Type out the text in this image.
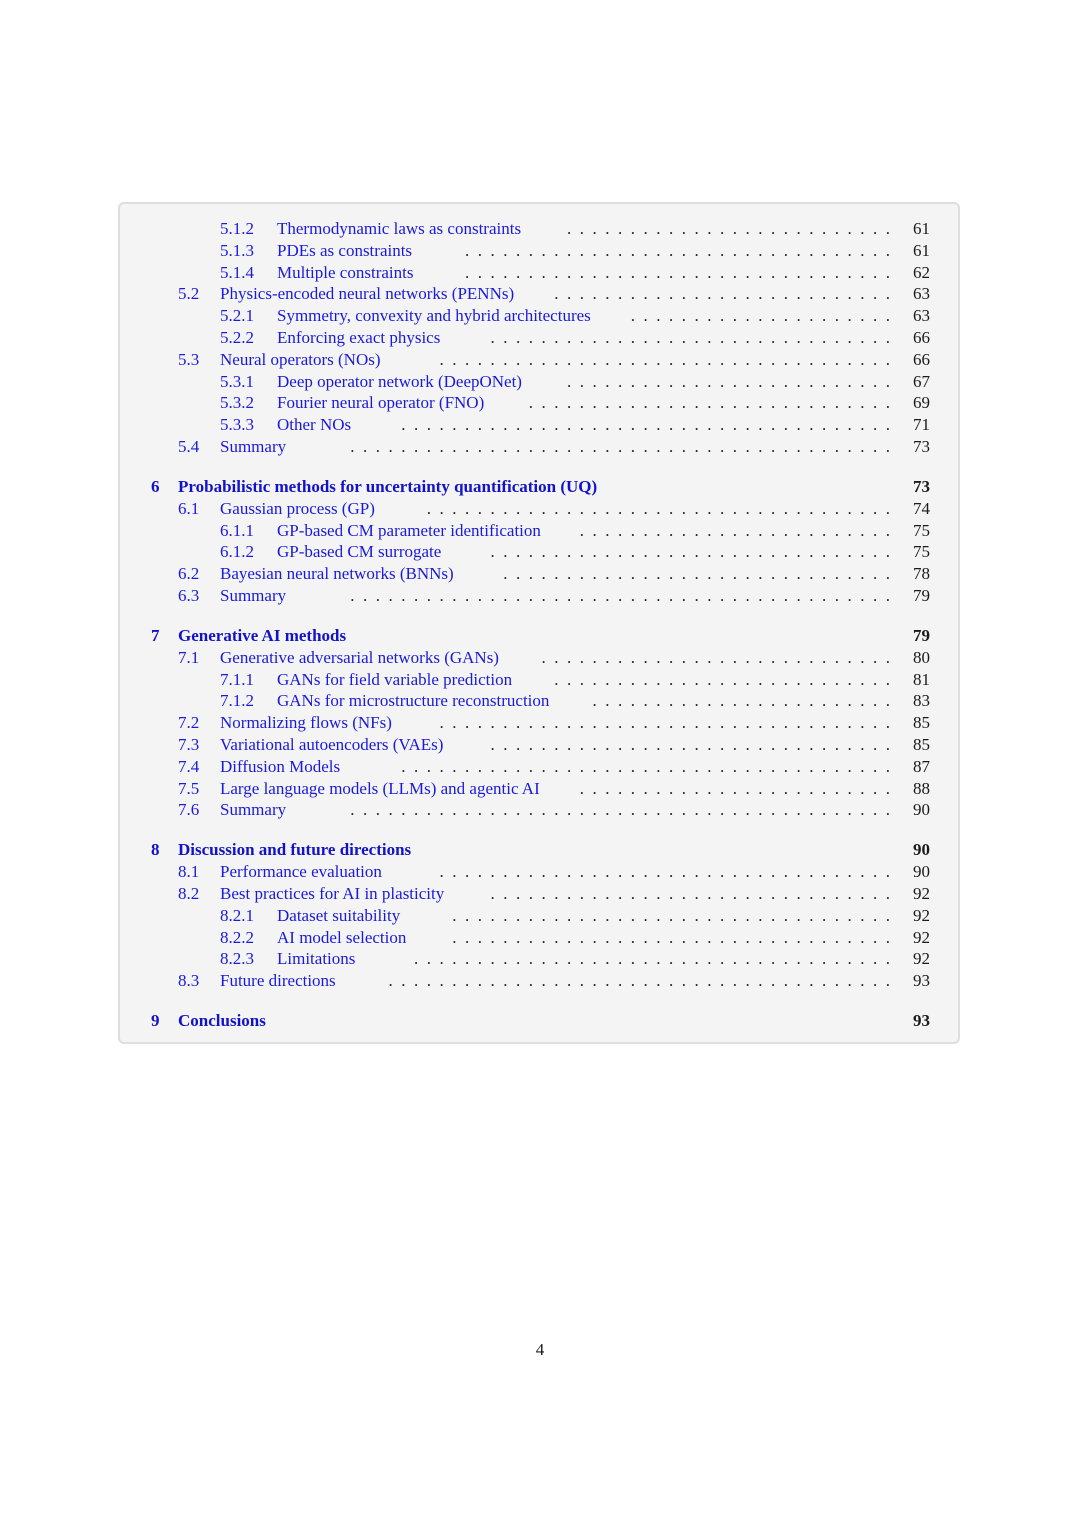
5.1.2 Thermodynamic laws as constraints	.  .  .  .  .  .  .  .  .  .  .  .  .  .  .  .  .  .  .  .  .  .  .  .  .  .	61
5.1.3 PDEs as constraints	.  .  .  .  .  .  .  .  .  .  .  .  .  .  .  .  .  .  .  .  .  .  .  .  .  .  .  .  .  .  .  .  .  .	61
5.1.4 Multiple constraints	.  .  .  .  .  .  .  .  .  .  .  .  .  .  .  .  .  .  .  .  .  .  .  .  .  .  .  .  .  .  .  .  .  .	62
5.2 Physics-encoded neural networks (PENNs)	.  .  .  .  .  .  .  .  .  .  .  .  .  .  .  .  .  .  .  .  .  .  .  .  .  .  .	63
5.2.1 Symmetry, convexity and hybrid architectures	.  .  .  .  .  .  .  .  .  .  .  .  .  .  .  .  .  .  .  .  .	63
5.2.2 Enforcing exact physics	.  .  .  .  .  .  .  .  .  .  .  .  .  .  .  .  .  .  .  .  .  .  .  .  .  .  .  .  .  .  .  .	66
5.3 Neural operators (NOs)	.  .  .  .  .  .  .  .  .  .  .  .  .  .  .  .  .  .  .  .  .  .  .  .  .  .  .  .  .  .  .  .  .  .  .  .	66
5.3.1 Deep operator network (DeepONet)	.  .  .  .  .  .  .  .  .  .  .  .  .  .  .  .  .  .  .  .  .  .  .  .  .  .	67
5.3.2 Fourier neural operator (FNO)	.  .  .  .  .  .  .  .  .  .  .  .  .  .  .  .  .  .  .  .  .  .  .  .  .  .  .  .  .	69
5.3.3 Other NOs	.  .  .  .  .  .  .  .  .  .  .  .  .  .  .  .  .  .  .  .  .  .  .  .  .  .  .  .  .  .  .  .  .  .  .  .  .  .  .	71
5.4 Summary	.  .  .  .  .  .  .  .  .  .  .  .  .  .  .  .  .  .  .  .  .  .  .  .  .  .  .  .  .  .  .  .  .  .  .  .  .  .  .  .  .  .  .	73
6 Probabilistic methods for uncertainty quantification (UQ)	73
6.1 Gaussian process (GP)	.  .  .  .  .  .  .  .  .  .  .  .  .  .  .  .  .  .  .  .  .  .  .  .  .  .  .  .  .  .  .  .  .  .  .  .  .	74
6.1.1 GP-based CM parameter identification	.  .  .  .  .  .  .  .  .  .  .  .  .  .  .  .  .  .  .  .  .  .  .  .  .	75
6.1.2 GP-based CM surrogate	.  .  .  .  .  .  .  .  .  .  .  .  .  .  .  .  .  .  .  .  .  .  .  .  .  .  .  .  .  .  .  .	75
6.2 Bayesian neural networks (BNNs)	.  .  .  .  .  .  .  .  .  .  .  .  .  .  .  .  .  .  .  .  .  .  .  .  .  .  .  .  .  .  .	78
6.3 Summary	.  .  .  .  .  .  .  .  .  .  .  .  .  .  .  .  .  .  .  .  .  .  .  .  .  .  .  .  .  .  .  .  .  .  .  .  .  .  .  .  .  .  .	79
7 Generative AI methods	79
7.1 Generative adversarial networks (GANs)	.  .  .  .  .  .  .  .  .  .  .  .  .  .  .  .  .  .  .  .  .  .  .  .  .  .  .  .	80
7.1.1 GANs for field variable prediction	.  .  .  .  .  .  .  .  .  .  .  .  .  .  .  .  .  .  .  .  .  .  .  .  .  .  .	81
7.1.2 GANs for microstructure reconstruction	.  .  .  .  .  .  .  .  .  .  .  .  .  .  .  .  .  .  .  .  .  .  .  .	83
7.2 Normalizing flows (NFs)	.  .  .  .  .  .  .  .  .  .  .  .  .  .  .  .  .  .  .  .  .  .  .  .  .  .  .  .  .  .  .  .  .  .  .  .	85
7.3 Variational autoencoders (VAEs)	.  .  .  .  .  .  .  .  .  .  .  .  .  .  .  .  .  .  .  .  .  .  .  .  .  .  .  .  .  .  .  .	85
7.4 Diffusion Models	.  .  .  .  .  .  .  .  .  .  .  .  .  .  .  .  .  .  .  .  .  .  .  .  .  .  .  .  .  .  .  .  .  .  .  .  .  .  .	87
7.5 Large language models (LLMs) and agentic AI	.  .  .  .  .  .  .  .  .  .  .  .  .  .  .  .  .  .  .  .  .  .  .  .  .	88
7.6 Summary	.  .  .  .  .  .  .  .  .  .  .  .  .  .  .  .  .  .  .  .  .  .  .  .  .  .  .  .  .  .  .  .  .  .  .  .  .  .  .  .  .  .  .	90
8 Discussion and future directions	90
8.1 Performance evaluation	.  .  .  .  .  .  .  .  .  .  .  .  .  .  .  .  .  .  .  .  .  .  .  .  .  .  .  .  .  .  .  .  .  .  .  .	90
8.2 Best practices for AI in plasticity	.  .  .  .  .  .  .  .  .  .  .  .  .  .  .  .  .  .  .  .  .  .  .  .  .  .  .  .  .  .  .  .	92
8.2.1 Dataset suitability	.  .  .  .  .  .  .  .  .  .  .  .  .  .  .  .  .  .  .  .  .  .  .  .  .  .  .  .  .  .  .  .  .  .  .	92
8.2.2 AI model selection	.  .  .  .  .  .  .  .  .  .  .  .  .  .  .  .  .  .  .  .  .  .  .  .  .  .  .  .  .  .  .  .  .  .  .	92
8.2.3 Limitations	.  .  .  .  .  .  .  .  .  .  .  .  .  .  .  .  .  .  .  .  .  .  .  .  .  .  .  .  .  .  .  .  .  .  .  .  .  .	92
8.3 Future directions	.  .  .  .  .  .  .  .  .  .  .  .  .  .  .  .  .  .  .  .  .  .  .  .  .  .  .  .  .  .  .  .  .  .  .  .  .  .  .  .	93
9 Conclusions	93
4
